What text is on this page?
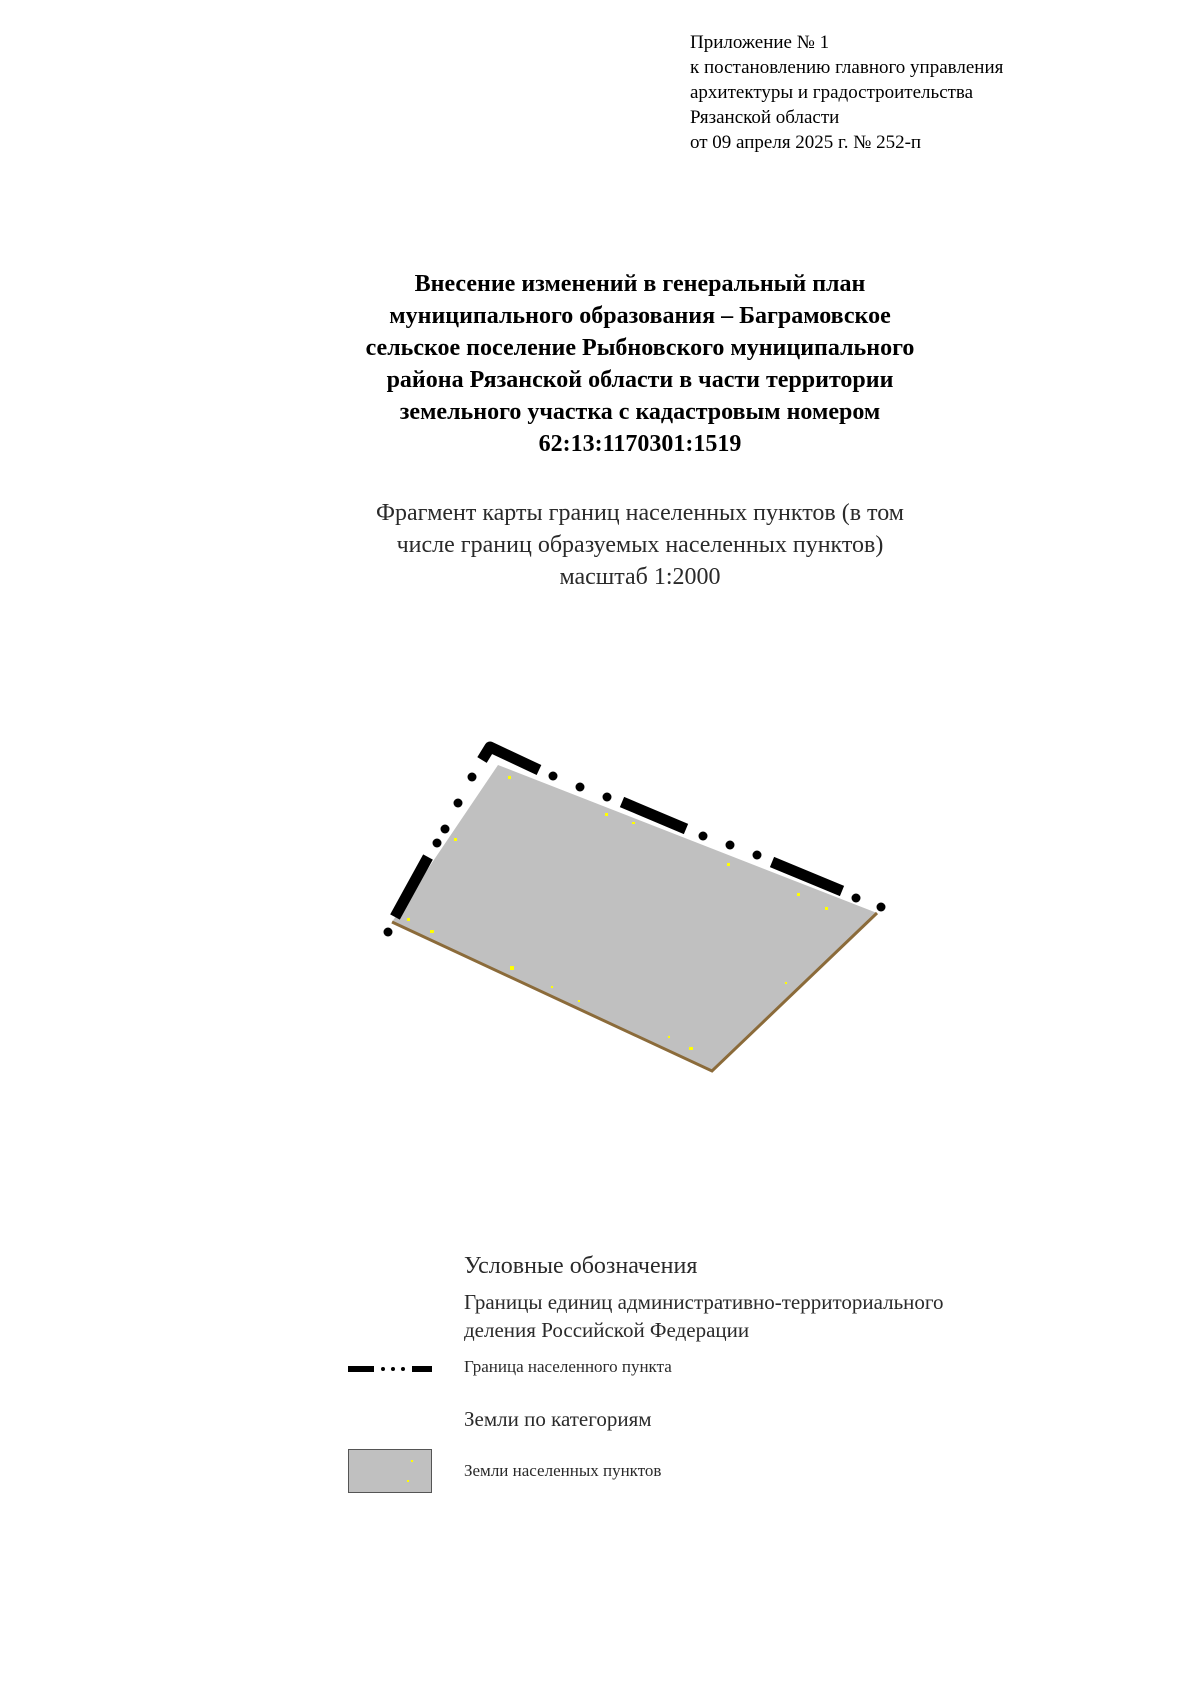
Приложение № 1
к постановлению главного управления
архитектуры и градостроительства
Рязанской области
от 09 апреля 2025 г. № 252-п
Внесение изменений в генеральный план
муниципального образования – Баграмовское
сельское поселение Рыбновского муниципального
района Рязанской области в части территории
земельного участка с кадастровым номером
62:13:1170301:1519
Фрагмент карты границ населенных пунктов (в том
числе границ образуемых населенных пунктов)
масштаб 1:2000
Условные обозначения
Границы единиц административно-территориального
деления Российской Федерации
Граница населенного пункта
Земли по категориям
Земли населенных пунктов
